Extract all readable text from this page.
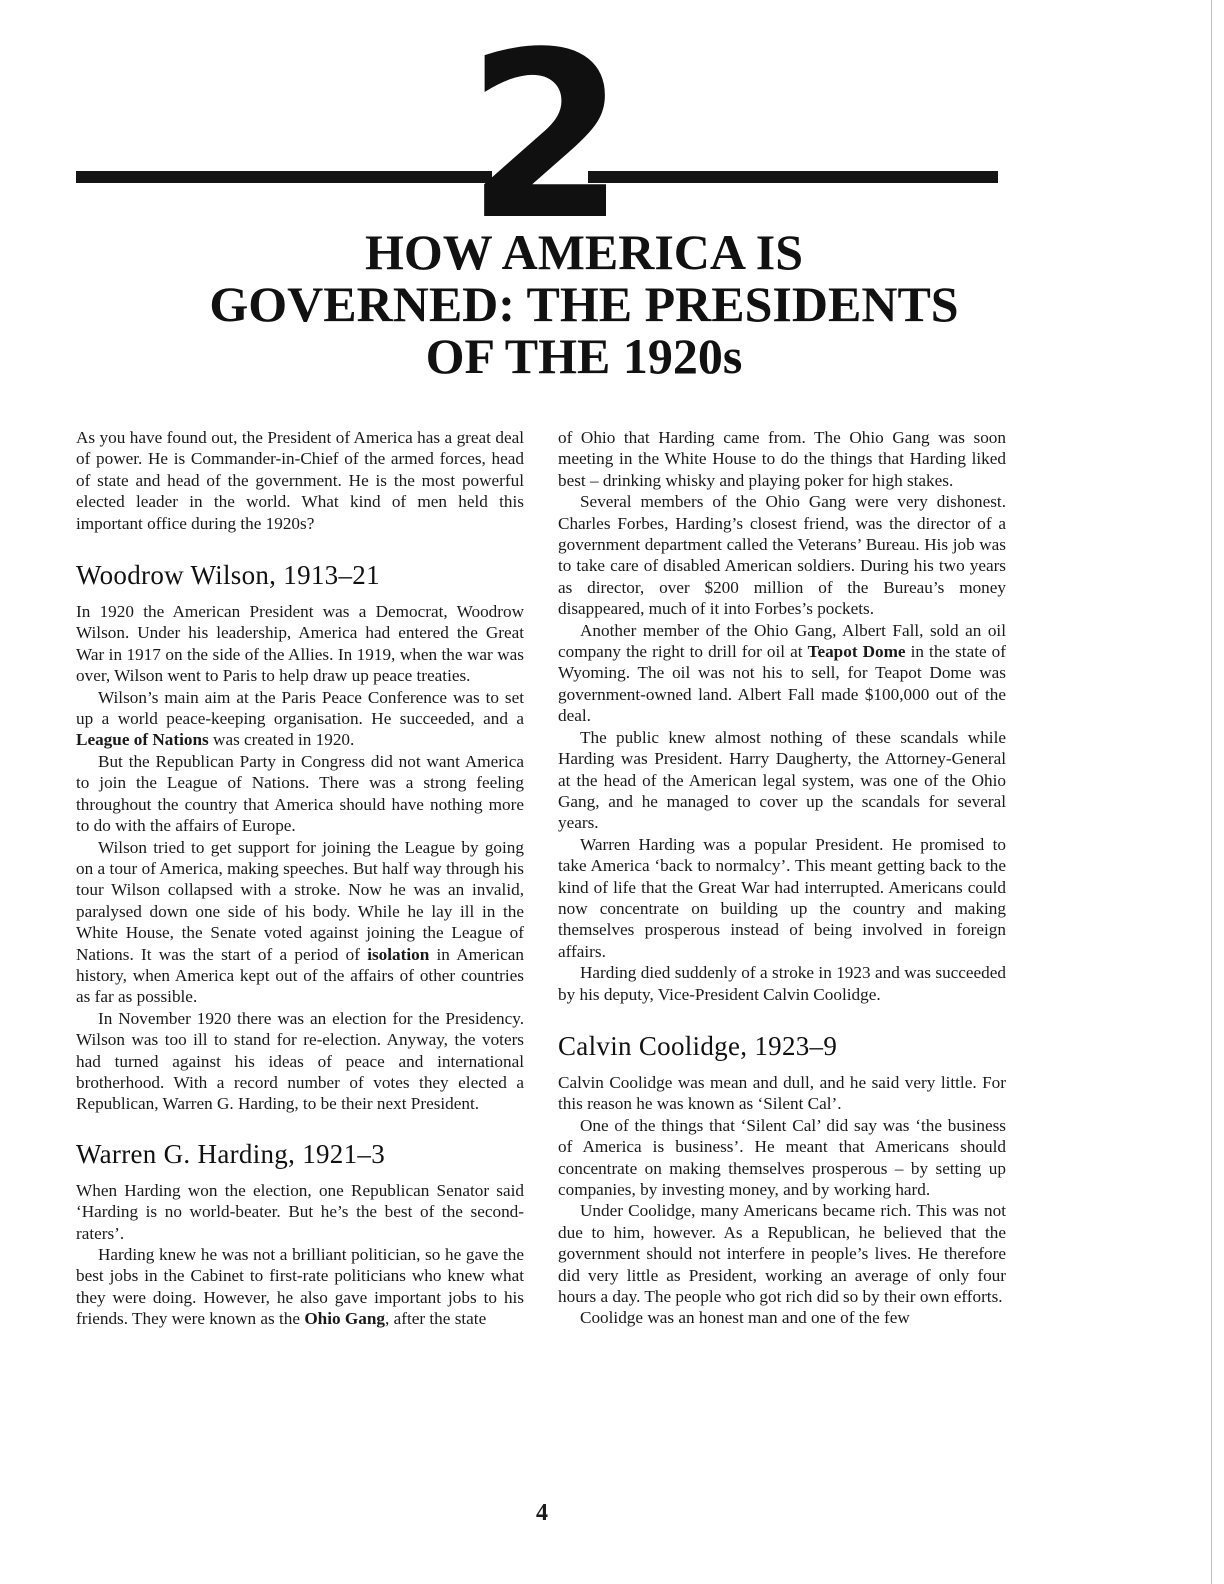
2
HOW AMERICA IS
GOVERNED: THE PRESIDENTS
OF THE 1920s

As you have found out, the President of America has a great deal of power. He is Commander-in-Chief of the armed forces, head of state and head of the government. He is the most powerful elected leader in the world. What kind of men held this important office during the 1920s?

Woodrow Wilson, 1913–21

In 1920 the American President was a Democrat, Woodrow Wilson. Under his leadership, America had entered the Great War in 1917 on the side of the Allies. In 1919, when the war was over, Wilson went to Paris to help draw up peace treaties.

Wilson’s main aim at the Paris Peace Conference was to set up a world peace-keeping organisation. He succeeded, and a League of Nations was created in 1920.

But the Republican Party in Congress did not want America to join the League of Nations. There was a strong feeling throughout the country that America should have nothing more to do with the affairs of Europe.

Wilson tried to get support for joining the League by going on a tour of America, making speeches. But half way through his tour Wilson collapsed with a stroke. Now he was an invalid, paralysed down one side of his body. While he lay ill in the White House, the Senate voted against joining the League of Nations. It was the start of a period of isolation in American history, when America kept out of the affairs of other countries as far as possible.

In November 1920 there was an election for the Presidency. Wilson was too ill to stand for re-election. Anyway, the voters had turned against his ideas of peace and international brotherhood. With a record number of votes they elected a Republican, Warren G. Harding, to be their next President.

Warren G. Harding, 1921–3

When Harding won the election, one Republican Senator said ‘Harding is no world-beater. But he’s the best of the second-raters’.

Harding knew he was not a brilliant politician, so he gave the best jobs in the Cabinet to first-rate politicians who knew what they were doing. However, he also gave important jobs to his friends. They were known as the Ohio Gang, after the state

of Ohio that Harding came from. The Ohio Gang was soon meeting in the White House to do the things that Harding liked best – drinking whisky and playing poker for high stakes.

Several members of the Ohio Gang were very dishonest. Charles Forbes, Harding’s closest friend, was the director of a government department called the Veterans’ Bureau. His job was to take care of disabled American soldiers. During his two years as director, over $200 million of the Bureau’s money disappeared, much of it into Forbes’s pockets.

Another member of the Ohio Gang, Albert Fall, sold an oil company the right to drill for oil at Teapot Dome in the state of Wyoming. The oil was not his to sell, for Teapot Dome was government-owned land. Albert Fall made $100,000 out of the deal.

The public knew almost nothing of these scandals while Harding was President. Harry Daugherty, the Attorney-General at the head of the American legal system, was one of the Ohio Gang, and he managed to cover up the scandals for several years.

Warren Harding was a popular President. He promised to take America ‘back to normalcy’. This meant getting back to the kind of life that the Great War had interrupted. Americans could now concentrate on building up the country and making themselves prosperous instead of being involved in foreign affairs.

Harding died suddenly of a stroke in 1923 and was succeeded by his deputy, Vice-President Calvin Coolidge.

Calvin Coolidge, 1923–9

Calvin Coolidge was mean and dull, and he said very little. For this reason he was known as ‘Silent Cal’.

One of the things that ‘Silent Cal’ did say was ‘the business of America is business’. He meant that Americans should concentrate on making themselves prosperous – by setting up companies, by investing money, and by working hard.

Under Coolidge, many Americans became rich. This was not due to him, however. As a Republican, he believed that the government should not interfere in people’s lives. He therefore did very little as President, working an average of only four hours a day. The people who got rich did so by their own efforts.

Coolidge was an honest man and one of the few

4
